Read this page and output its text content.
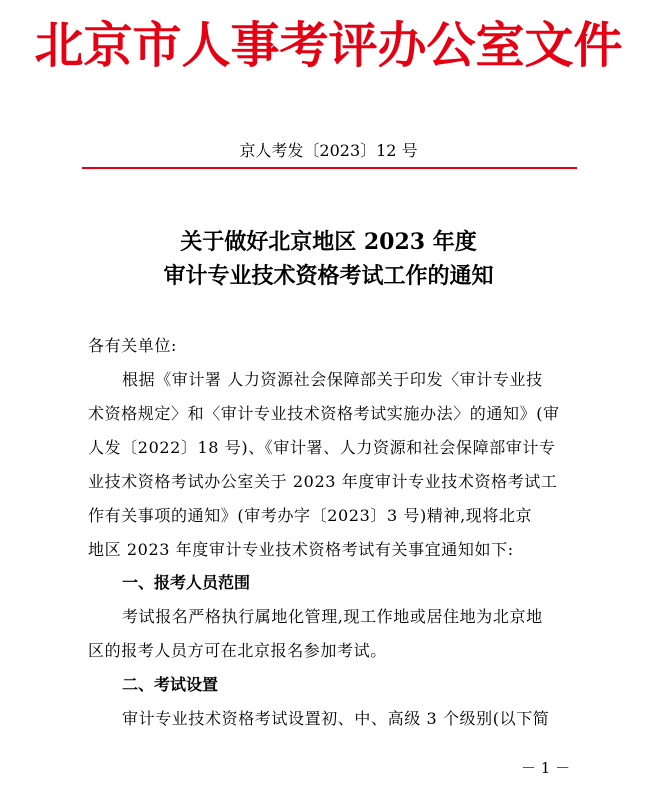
北京市人事考评办公室文件
京人考发〔2023〕12 号
关于做好北京地区 2023 年度
审计专业技术资格考试工作的通知
各有关单位:
根据《审计署 人力资源社会保障部关于印发〈审计专业技
术资格规定〉和〈审计专业技术资格考试实施办法〉的通知》(审
人发〔2022〕18 号)、《审计署、人力资源和社会保障部审计专
业技术资格考试办公室关于 2023 年度审计专业技术资格考试工
作有关事项的通知》(审考办字〔2023〕3 号)精神,现将北京
地区 2023 年度审计专业技术资格考试有关事宜通知如下:
一、报考人员范围
考试报名严格执行属地化管理,现工作地或居住地为北京地
区的报考人员方可在北京报名参加考试。
二、考试设置
审计专业技术资格考试设置初、中、高级 3 个级别(以下简
－ 1 －
